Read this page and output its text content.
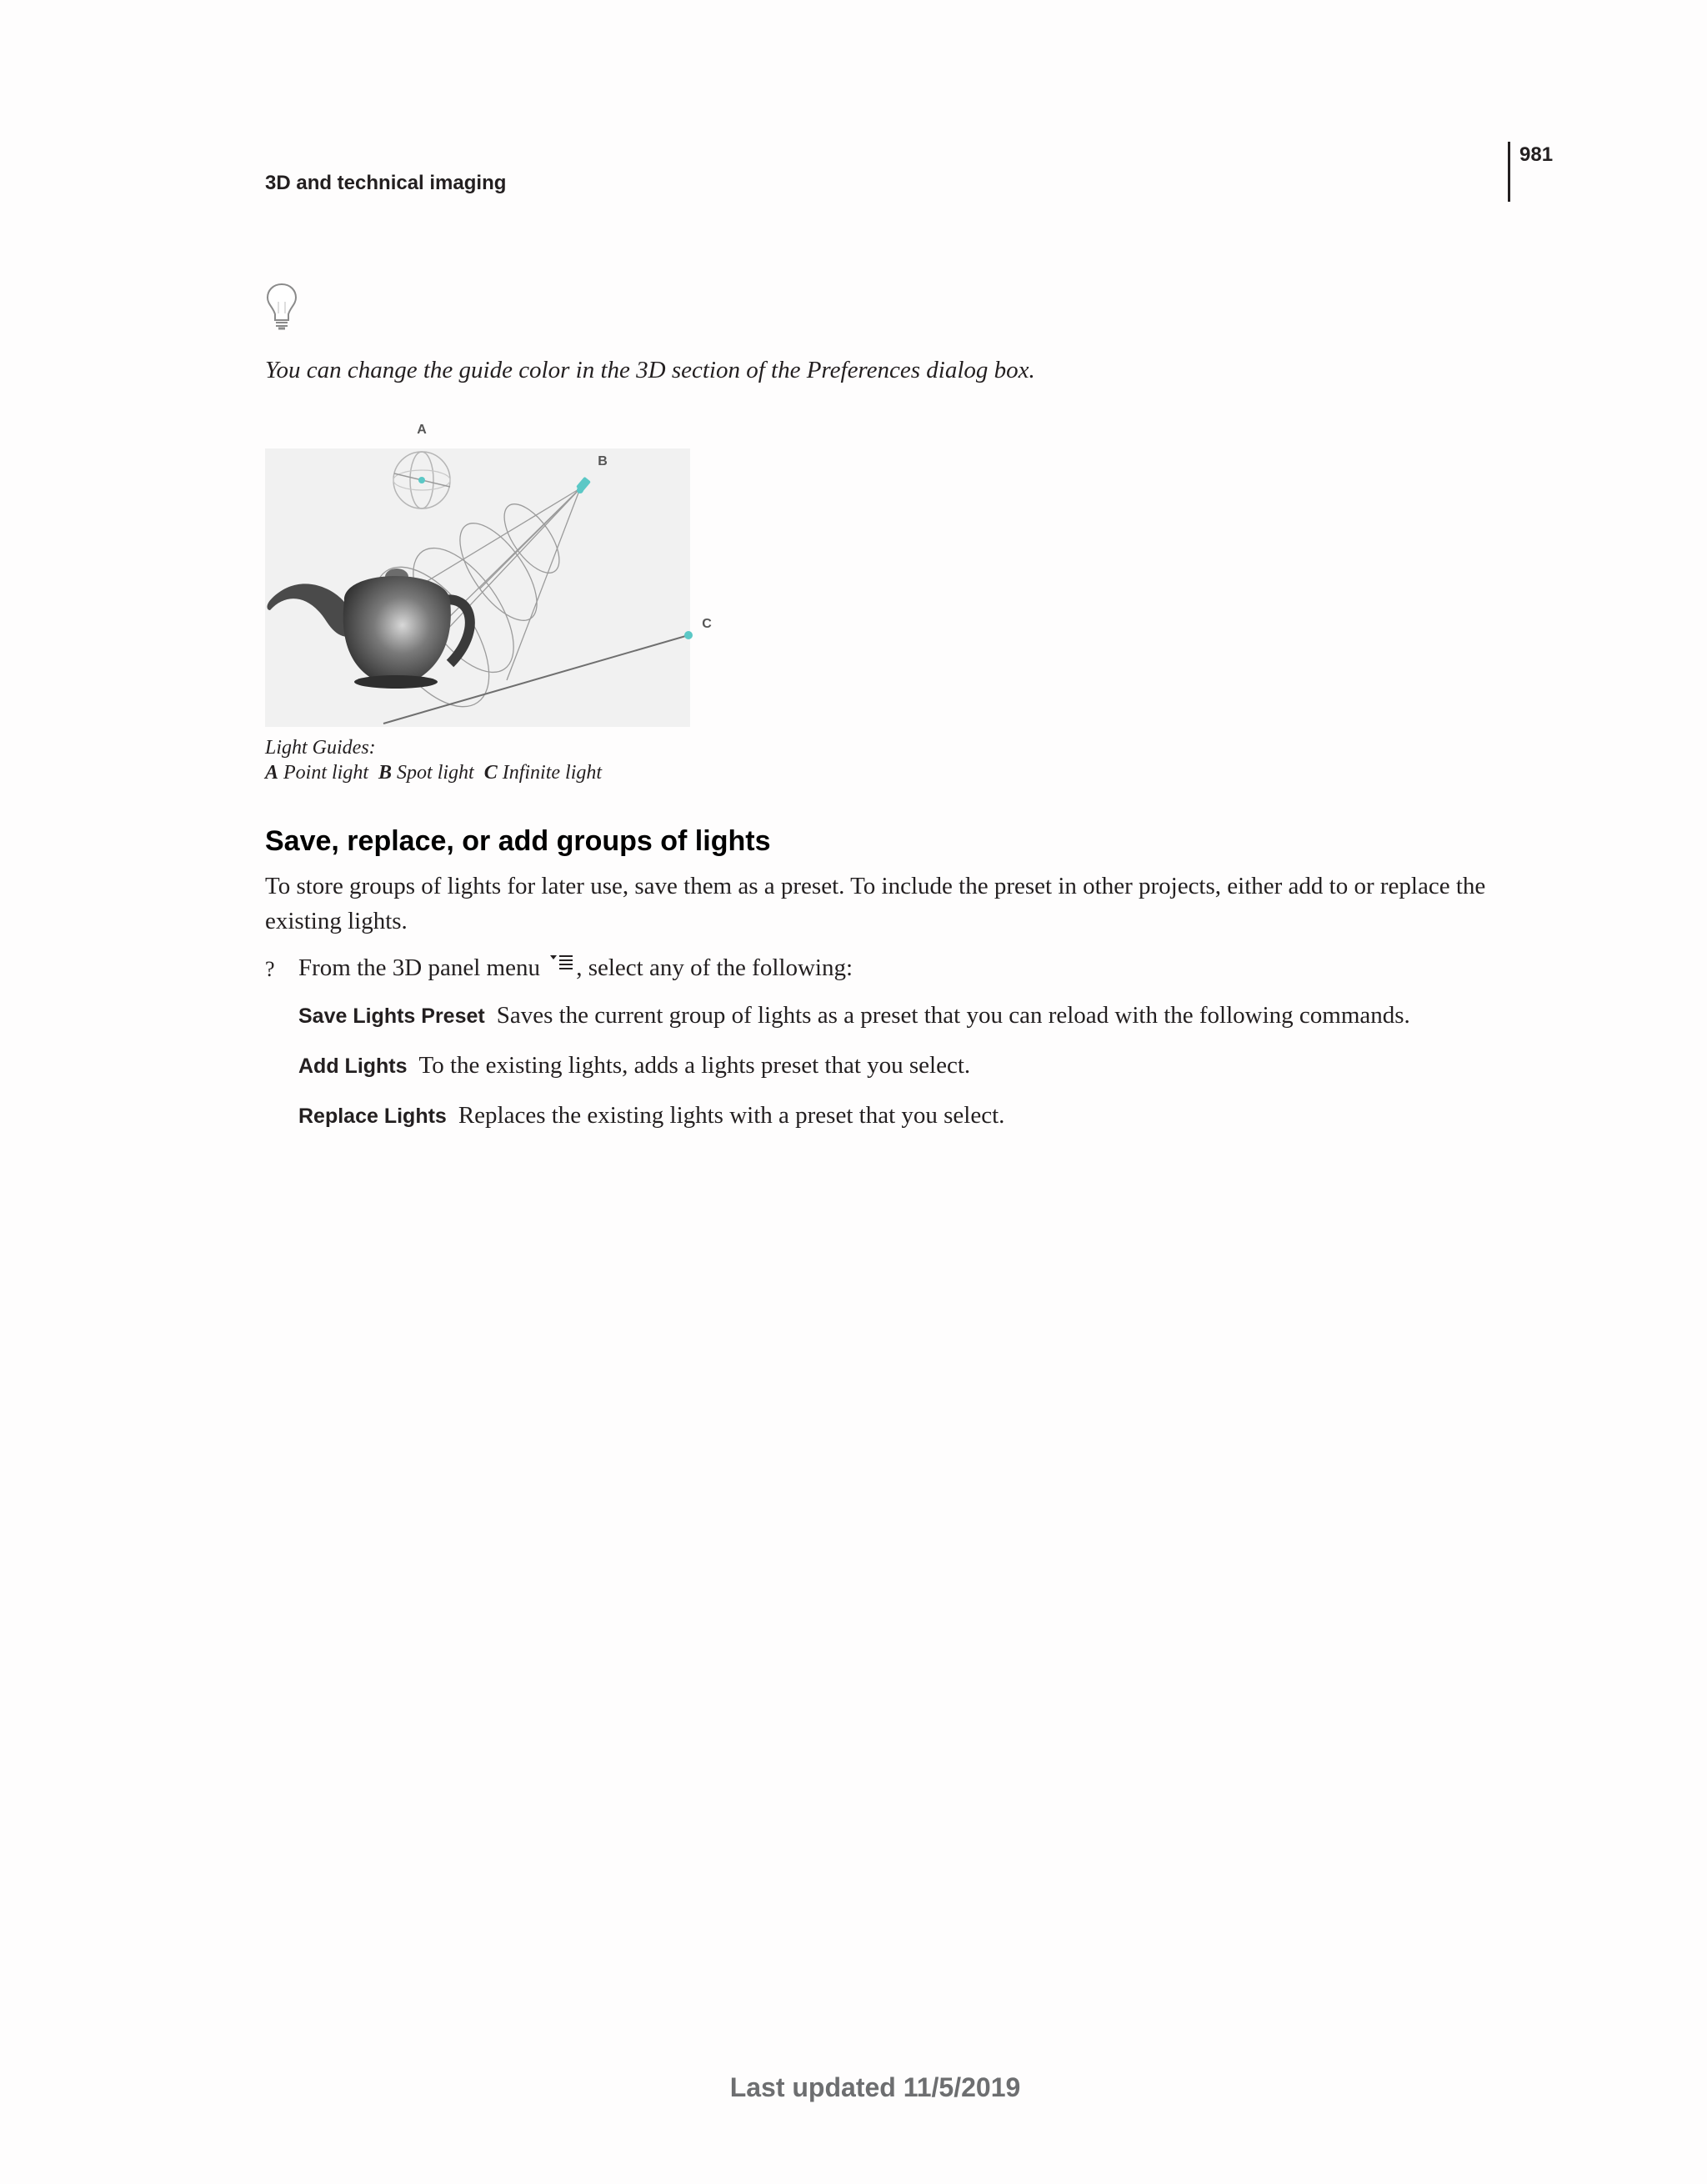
3D and technical imaging
981
You can change the guide color in the 3D section of the Preferences dialog box.
A
B
C
Light Guides:
A Point light B Spot light C Infinite light
Save, replace, or add groups of lights
To store groups of lights for later use, save them as a preset. To include the preset in other projects, either add to or replace the existing lights.
? From the 3D panel menu , select any of the following:
Save Lights Preset Saves the current group of lights as a preset that you can reload with the following commands.
Add Lights To the existing lights, adds a lights preset that you select.
Replace Lights Replaces the existing lights with a preset that you select.
Last updated 11/5/2019
